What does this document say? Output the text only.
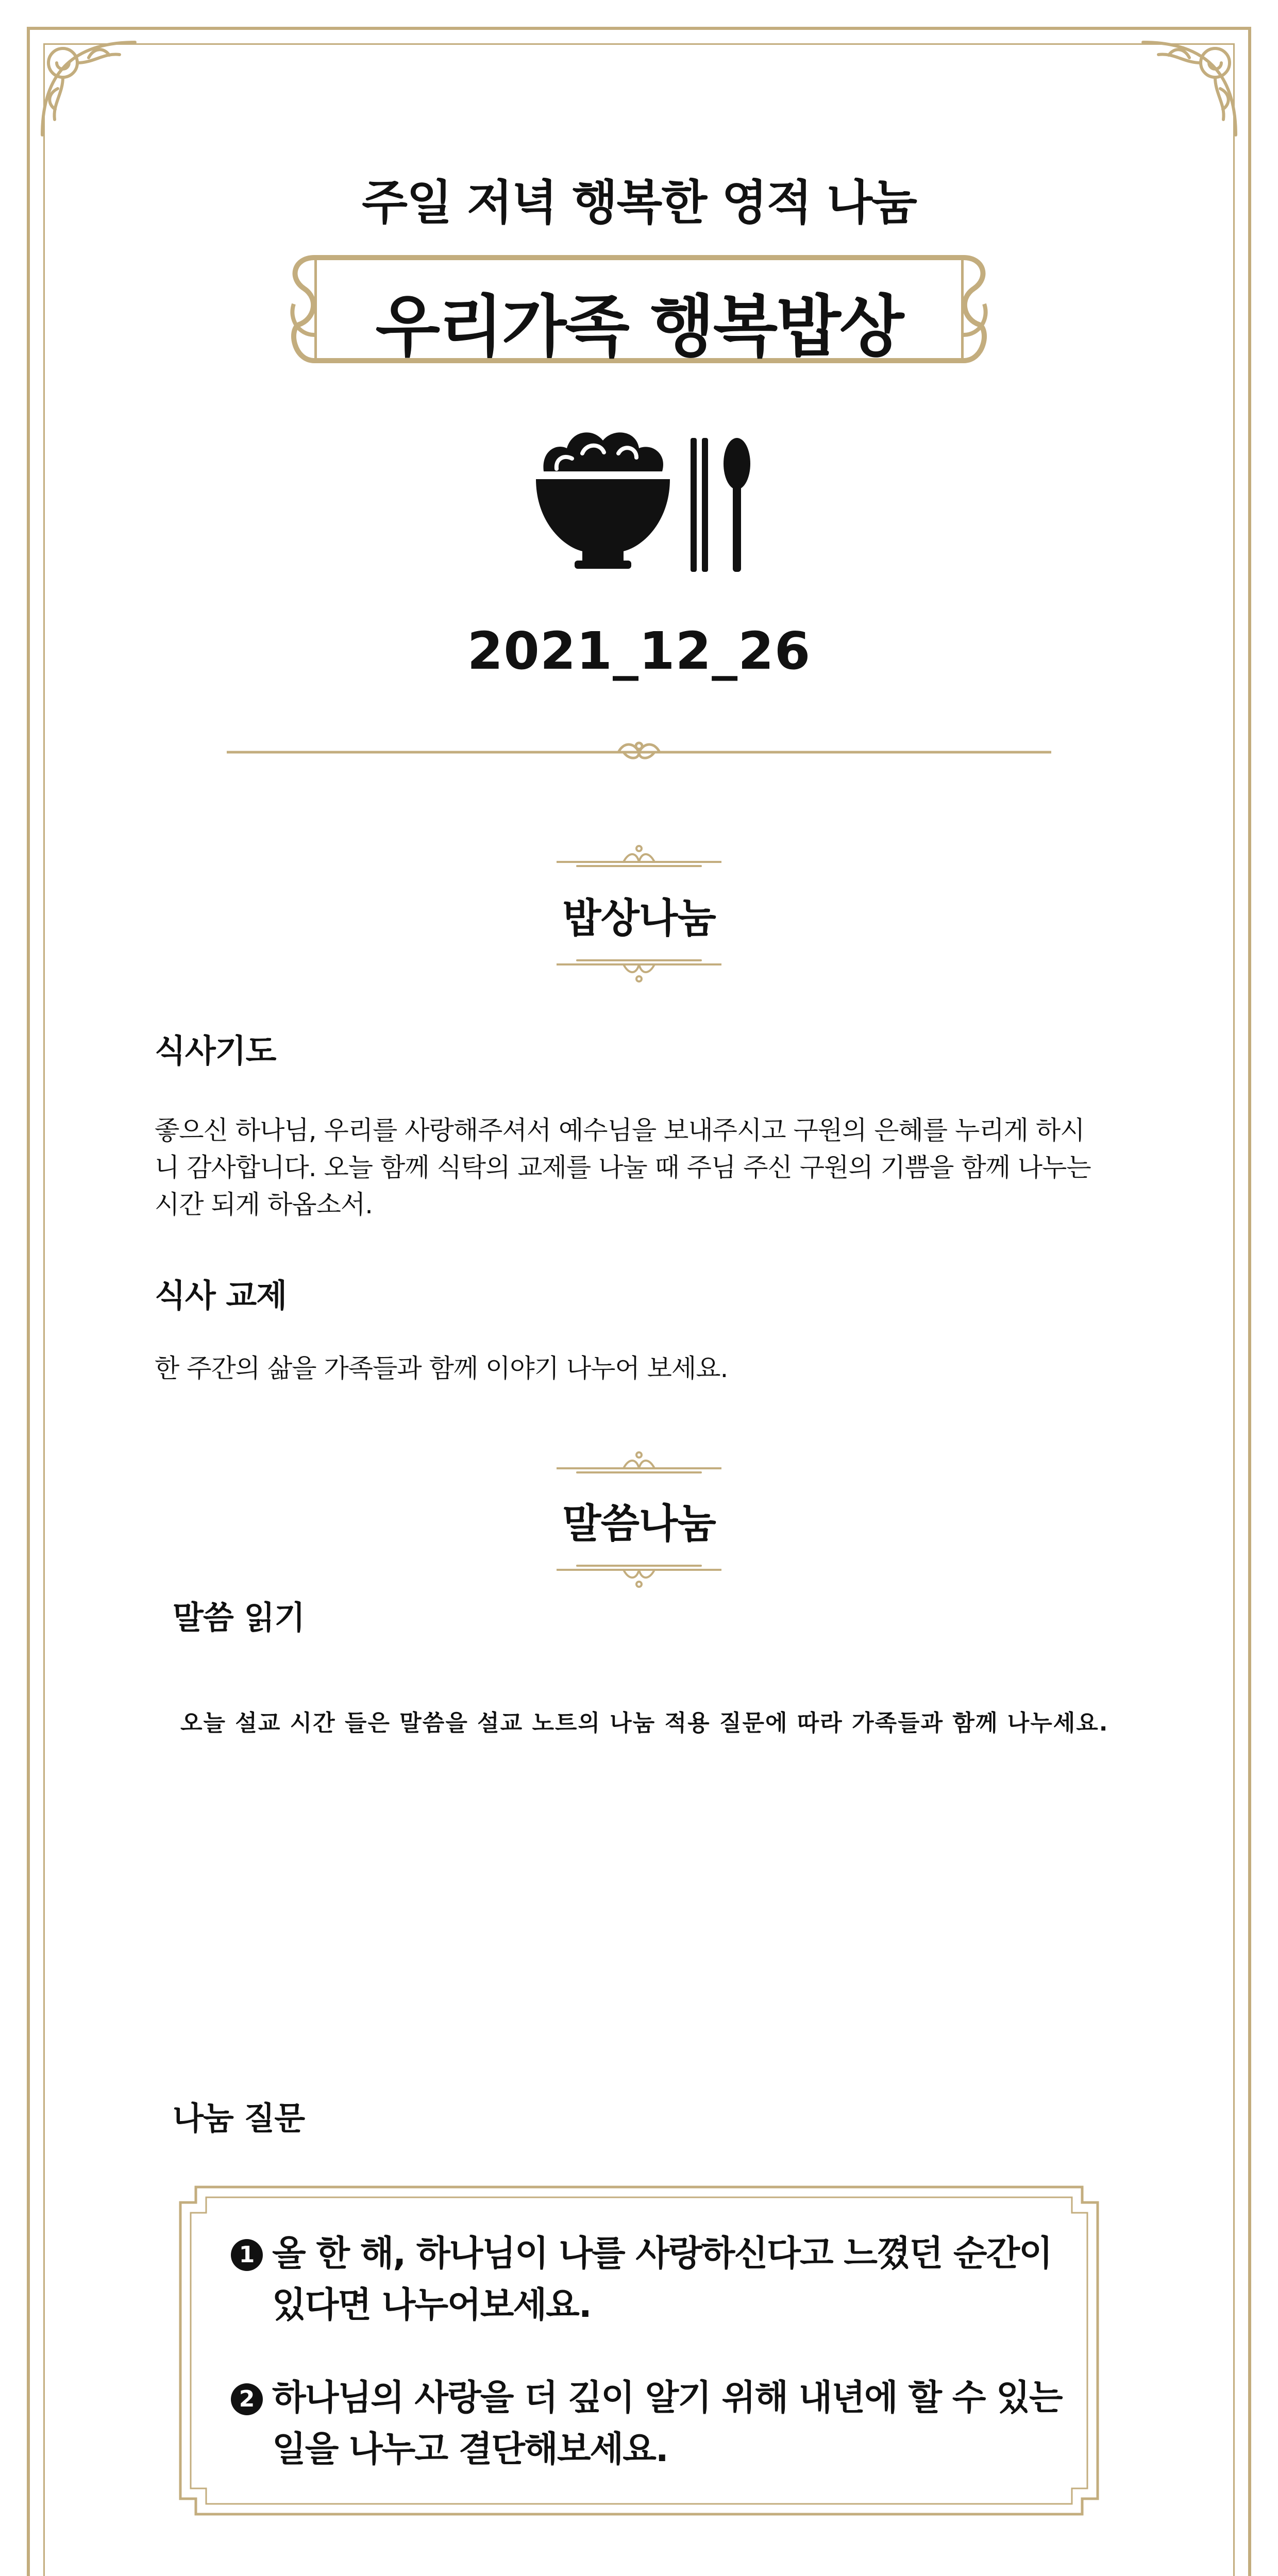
주일 저녁 행복한 영적 나눔
우리가족 행복밥상
2021_12_26
밥상나눔
식사기도
좋으신 하나님, 우리를 사랑해주셔서 예수님을 보내주시고 구원의 은혜를 누리게 하시
니 감사합니다. 오늘 함께 식탁의 교제를 나눌 때 주님 주신 구원의 기쁨을 함께 나누는
시간 되게 하옵소서.
식사 교제
한 주간의 삶을 가족들과 함께 이야기 나누어 보세요.
말씀나눔
말씀 읽기
오늘 설교 시간 들은 말씀을 설교 노트의 나눔 적용 질문에 따라 가족들과 함께 나누세요.
나눔 질문
1 올 한 해, 하나님이 나를 사랑하신다고 느꼈던 순간이
있다면 나누어보세요.
2 하나님의 사랑을 더 깊이 알기 위해 내년에 할 수 있는
일을 나누고 결단해보세요.
